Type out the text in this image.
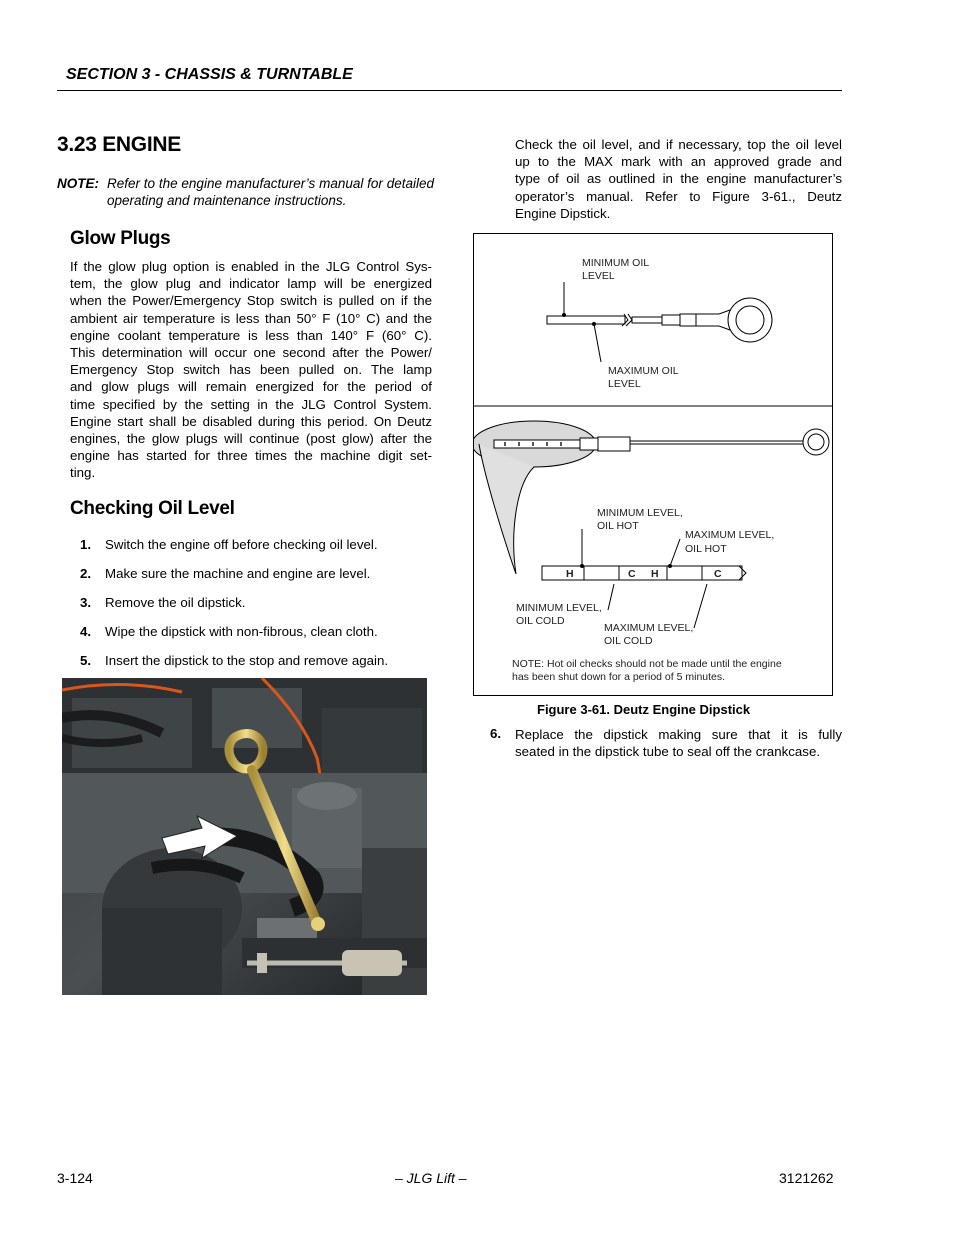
SECTION 3 - CHASSIS & TURNTABLE
3.23 ENGINE
NOTE: Refer to the engine manufacturer’s manual for detailed operating and maintenance instructions.
Glow Plugs
If the glow plug option is enabled in the JLG Control Sys-
tem, the glow plug and indicator lamp will be energized
when the Power/Emergency Stop switch is pulled on if the
ambient air temperature is less than 50° F (10° C) and the
engine coolant temperature is less than 140° F (60° C).
This determination will occur one second after the Power/
Emergency Stop switch has been pulled on. The lamp
and glow plugs will remain energized for the period of
time specified by the setting in the JLG Control System.
Engine start shall be disabled during this period. On Deutz
engines, the glow plugs will continue (post glow) after the
engine has started for three times the machine digit set-
ting.
Checking Oil Level
1. Switch the engine off before checking oil level.
2. Make sure the machine and engine are level.
3. Remove the oil dipstick.
4. Wipe the dipstick with non-fibrous, clean cloth.
5. Insert the dipstick to the stop and remove again.
Check the oil level, and if necessary, top the oil level
up to the MAX mark with an approved grade and
type of oil as outlined in the engine manufacturer’s
operator’s manual. Refer to Figure 3-61., Deutz
Engine Dipstick.
MINIMUM OIL
LEVEL
MAXIMUM OIL
LEVEL
H	C H	C
MINIMUM LEVEL,
OIL HOT
MAXIMUM LEVEL,
OIL HOT
MINIMUM LEVEL,
OIL COLD
MAXIMUM LEVEL,
OIL COLD
NOTE: Hot oil checks should not be made until the engine
has been shut down for a period of 5 minutes.
Figure 3-61. Deutz Engine Dipstick
6. Replace the dipstick making sure that it is fully
seated in the dipstick tube to seal off the crankcase.
3-124	– JLG Lift –	3121262
